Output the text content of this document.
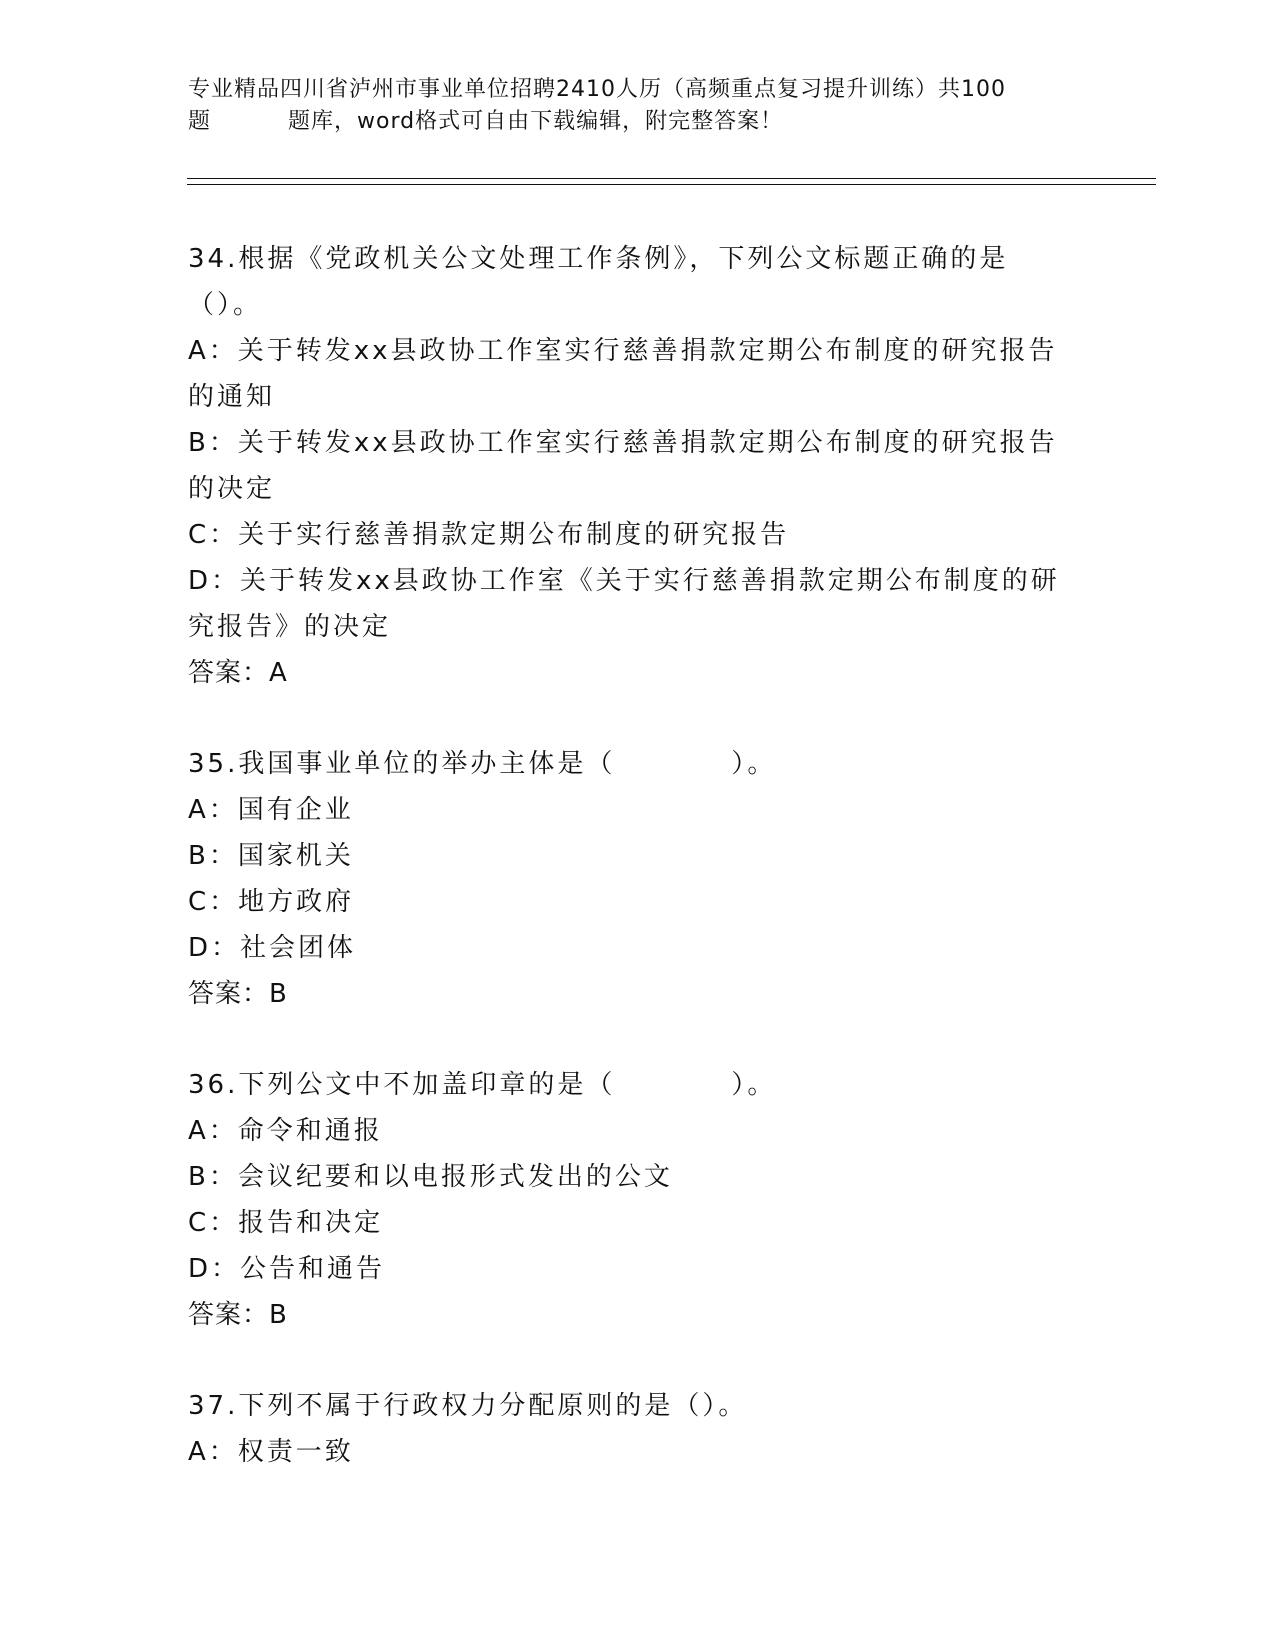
专业精品四川省泸州市事业单位招聘2410人历（高频重点复习提升训练）共100
题	题库，word格式可自由下载编辑，附完整答案！
34.根据《党政机关公文处理工作条例》，下列公文标题正确的是（）。
A：关于转发xx县政协工作室实行慈善捐款定期公布制度的研究报告的通知
B：关于转发xx县政协工作室实行慈善捐款定期公布制度的研究报告的决定
C：关于实行慈善捐款定期公布制度的研究报告
D：关于转发xx县政协工作室《关于实行慈善捐款定期公布制度的研究报告》的决定
答案：A
35.我国事业单位的举办主体是（　　　　）。
A：国有企业
B：国家机关
C：地方政府
D：社会团体
答案：B
36.下列公文中不加盖印章的是（　　　　）。
A：命令和通报
B：会议纪要和以电报形式发出的公文
C：报告和决定
D：公告和通告
答案：B
37.下列不属于行政权力分配原则的是（）。
A：权责一致
